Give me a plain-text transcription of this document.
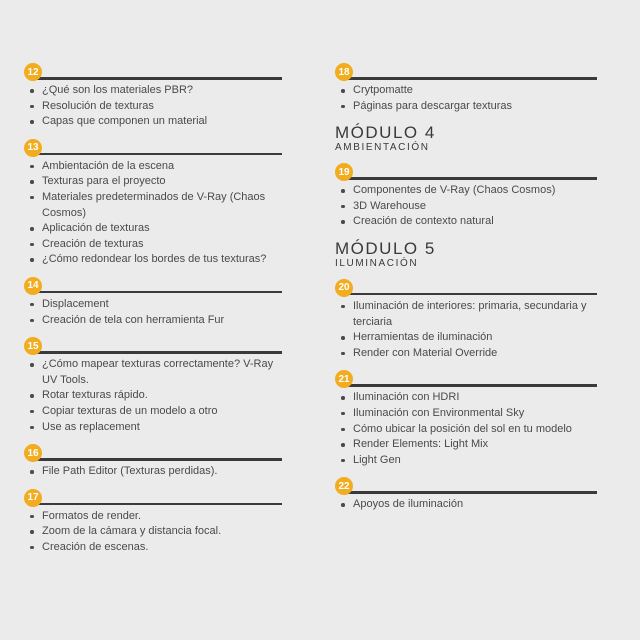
12
¿Qué son los materiales PBR?
Resolución de texturas
Capas que componen un material
13
Ambientación de la escena
Texturas para el proyecto
Materiales predeterminados de V-Ray (Chaos Cosmos)
Aplicación de texturas
Creación de texturas
¿Cómo redondear los bordes de tus texturas?
14
Displacement
Creación de tela con herramienta Fur
15
¿Cómo mapear texturas correctamente? V-Ray UV Tools.
Rotar texturas rápido.
Copiar texturas de un modelo a otro
Use as replacement
16
File Path Editor (Texturas perdidas).
17
Formatos de render.
Zoom de la cámara y distancia focal.
Creación de escenas.
18
Crytpomatte
Páginas para descargar texturas
MÓDULO 4
AMBIENTACIÓN
19
Componentes de V-Ray (Chaos Cosmos)
3D Warehouse
Creación de contexto natural
MÓDULO 5
ILUMINACIÓN
20
Iluminación de interiores: primaria, secundaria y terciaria
Herramientas de iluminación
Render con Material Override
21
Iluminación con HDRI
Iluminación con Environmental Sky
Cómo ubicar la posición del sol en tu modelo
Render Elements: Light Mix
Light Gen
22
Apoyos de iluminación
